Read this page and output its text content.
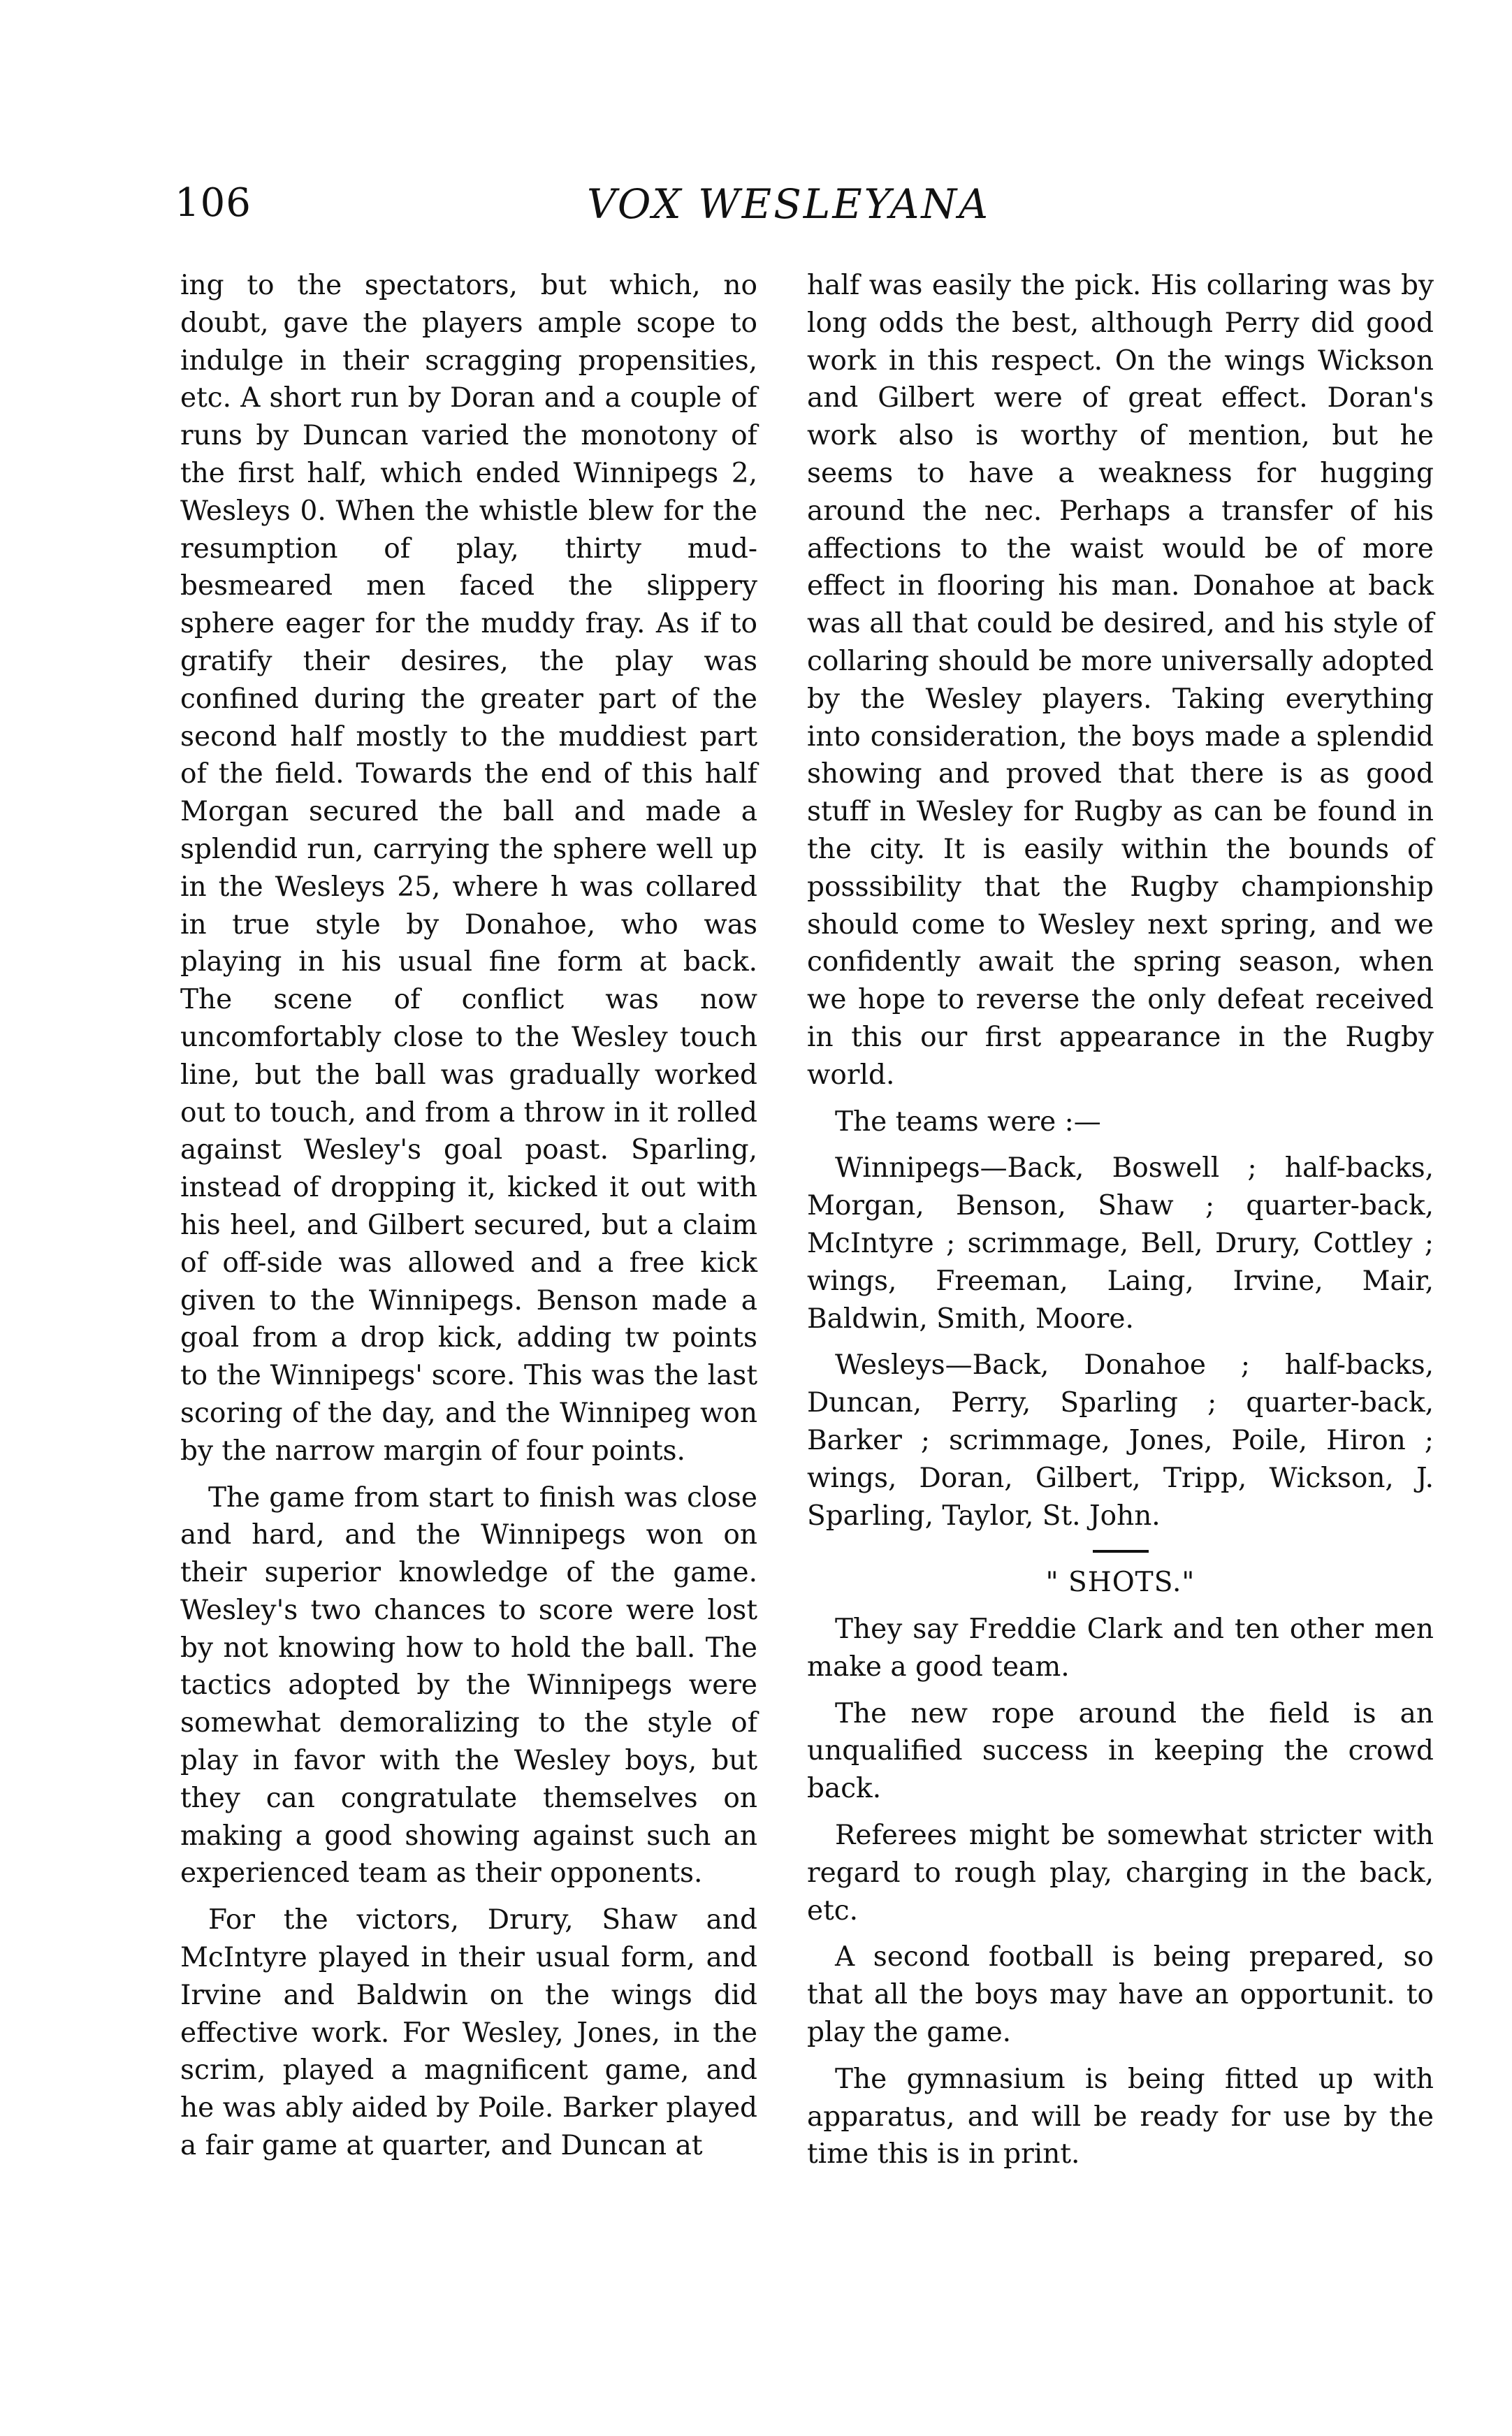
106	VOX WESLEYANA

ing to the spectators, but which, no doubt, gave the players ample scope to indulge in their scragging propensities, etc. A short run by Doran and a couple of runs by Duncan varied the monotony of the first half, which ended Winnipegs 2, Wesleys 0. When the whistle blew for the resumption of play, thirty mud-besmeared men faced the slippery sphere eager for the muddy fray. As if to gratify their desires, the play was confined during the greater part of the second half mostly to the muddiest part of the field. Towards the end of this half Morgan secured the ball and made a splendid run, carrying the sphere well up in the Wesleys 25, where h was collared in true style by Donahoe, who was playing in his usual fine form at back. The scene of conflict was now uncomfortably close to the Wesley touch line, but the ball was gradually worked out to touch, and from a throw in it rolled against Wesley's goal poast. Sparling, instead of dropping it, kicked it out with his heel, and Gilbert secured, but a claim of off-side was allowed and a free kick given to the Winnipegs. Benson made a goal from a drop kick, adding tw points to the Winnipegs' score. This was the last scoring of the day, and the Winnipeg won by the narrow margin of four points.

The game from start to finish was close and hard, and the Winnipegs won on their superior knowledge of the game. Wesley's two chances to score were lost by not knowing how to hold the ball. The tactics adopted by the Winnipegs were somewhat demoralizing to the style of play in favor with the Wesley boys, but they can congratulate themselves on making a good showing against such an experienced team as their opponents.

For the victors, Drury, Shaw and McIntyre played in their usual form, and Irvine and Baldwin on the wings did effective work. For Wesley, Jones, in the scrim, played a magnificent game, and he was ably aided by Poile. Barker played a fair game at quarter, and Duncan at

half was easily the pick. His collaring was by long odds the best, although Perry did good work in this respect. On the wings Wickson and Gilbert were of great effect. Doran's work also is worthy of mention, but he seems to have a weakness for hugging around the nec. Perhaps a transfer of his affections to the waist would be of more effect in flooring his man. Donahoe at back was all that could be desired, and his style of collaring should be more universally adopted by the Wesley players. Taking everything into consideration, the boys made a splendid showing and proved that there is as good stuff in Wesley for Rugby as can be found in the city. It is easily within the bounds of posssibility that the Rugby championship should come to Wesley next spring, and we confidently await the spring season, when we hope to reverse the only defeat received in this our first appearance in the Rugby world.

The teams were :—

Winnipegs—Back, Boswell ; half-backs, Morgan, Benson, Shaw ; quarter-back, McIntyre ; scrimmage, Bell, Drury, Cottley ; wings, Freeman, Laing, Irvine, Mair, Baldwin, Smith, Moore.

Wesleys—Back, Donahoe ; half-backs, Duncan, Perry, Sparling ; quarter-back, Barker ; scrimmage, Jones, Poile, Hiron ; wings, Doran, Gilbert, Tripp, Wickson, J. Sparling, Taylor, St. John.

" SHOTS."

They say Freddie Clark and ten other men make a good team.

The new rope around the field is an unqualified success in keeping the crowd back.

Referees might be somewhat stricter with regard to rough play, charging in the back, etc.

A second football is being prepared, so that all the boys may have an opportunit. to play the game.

The gymnasium is being fitted up with apparatus, and will be ready for use by the time this is in print.
